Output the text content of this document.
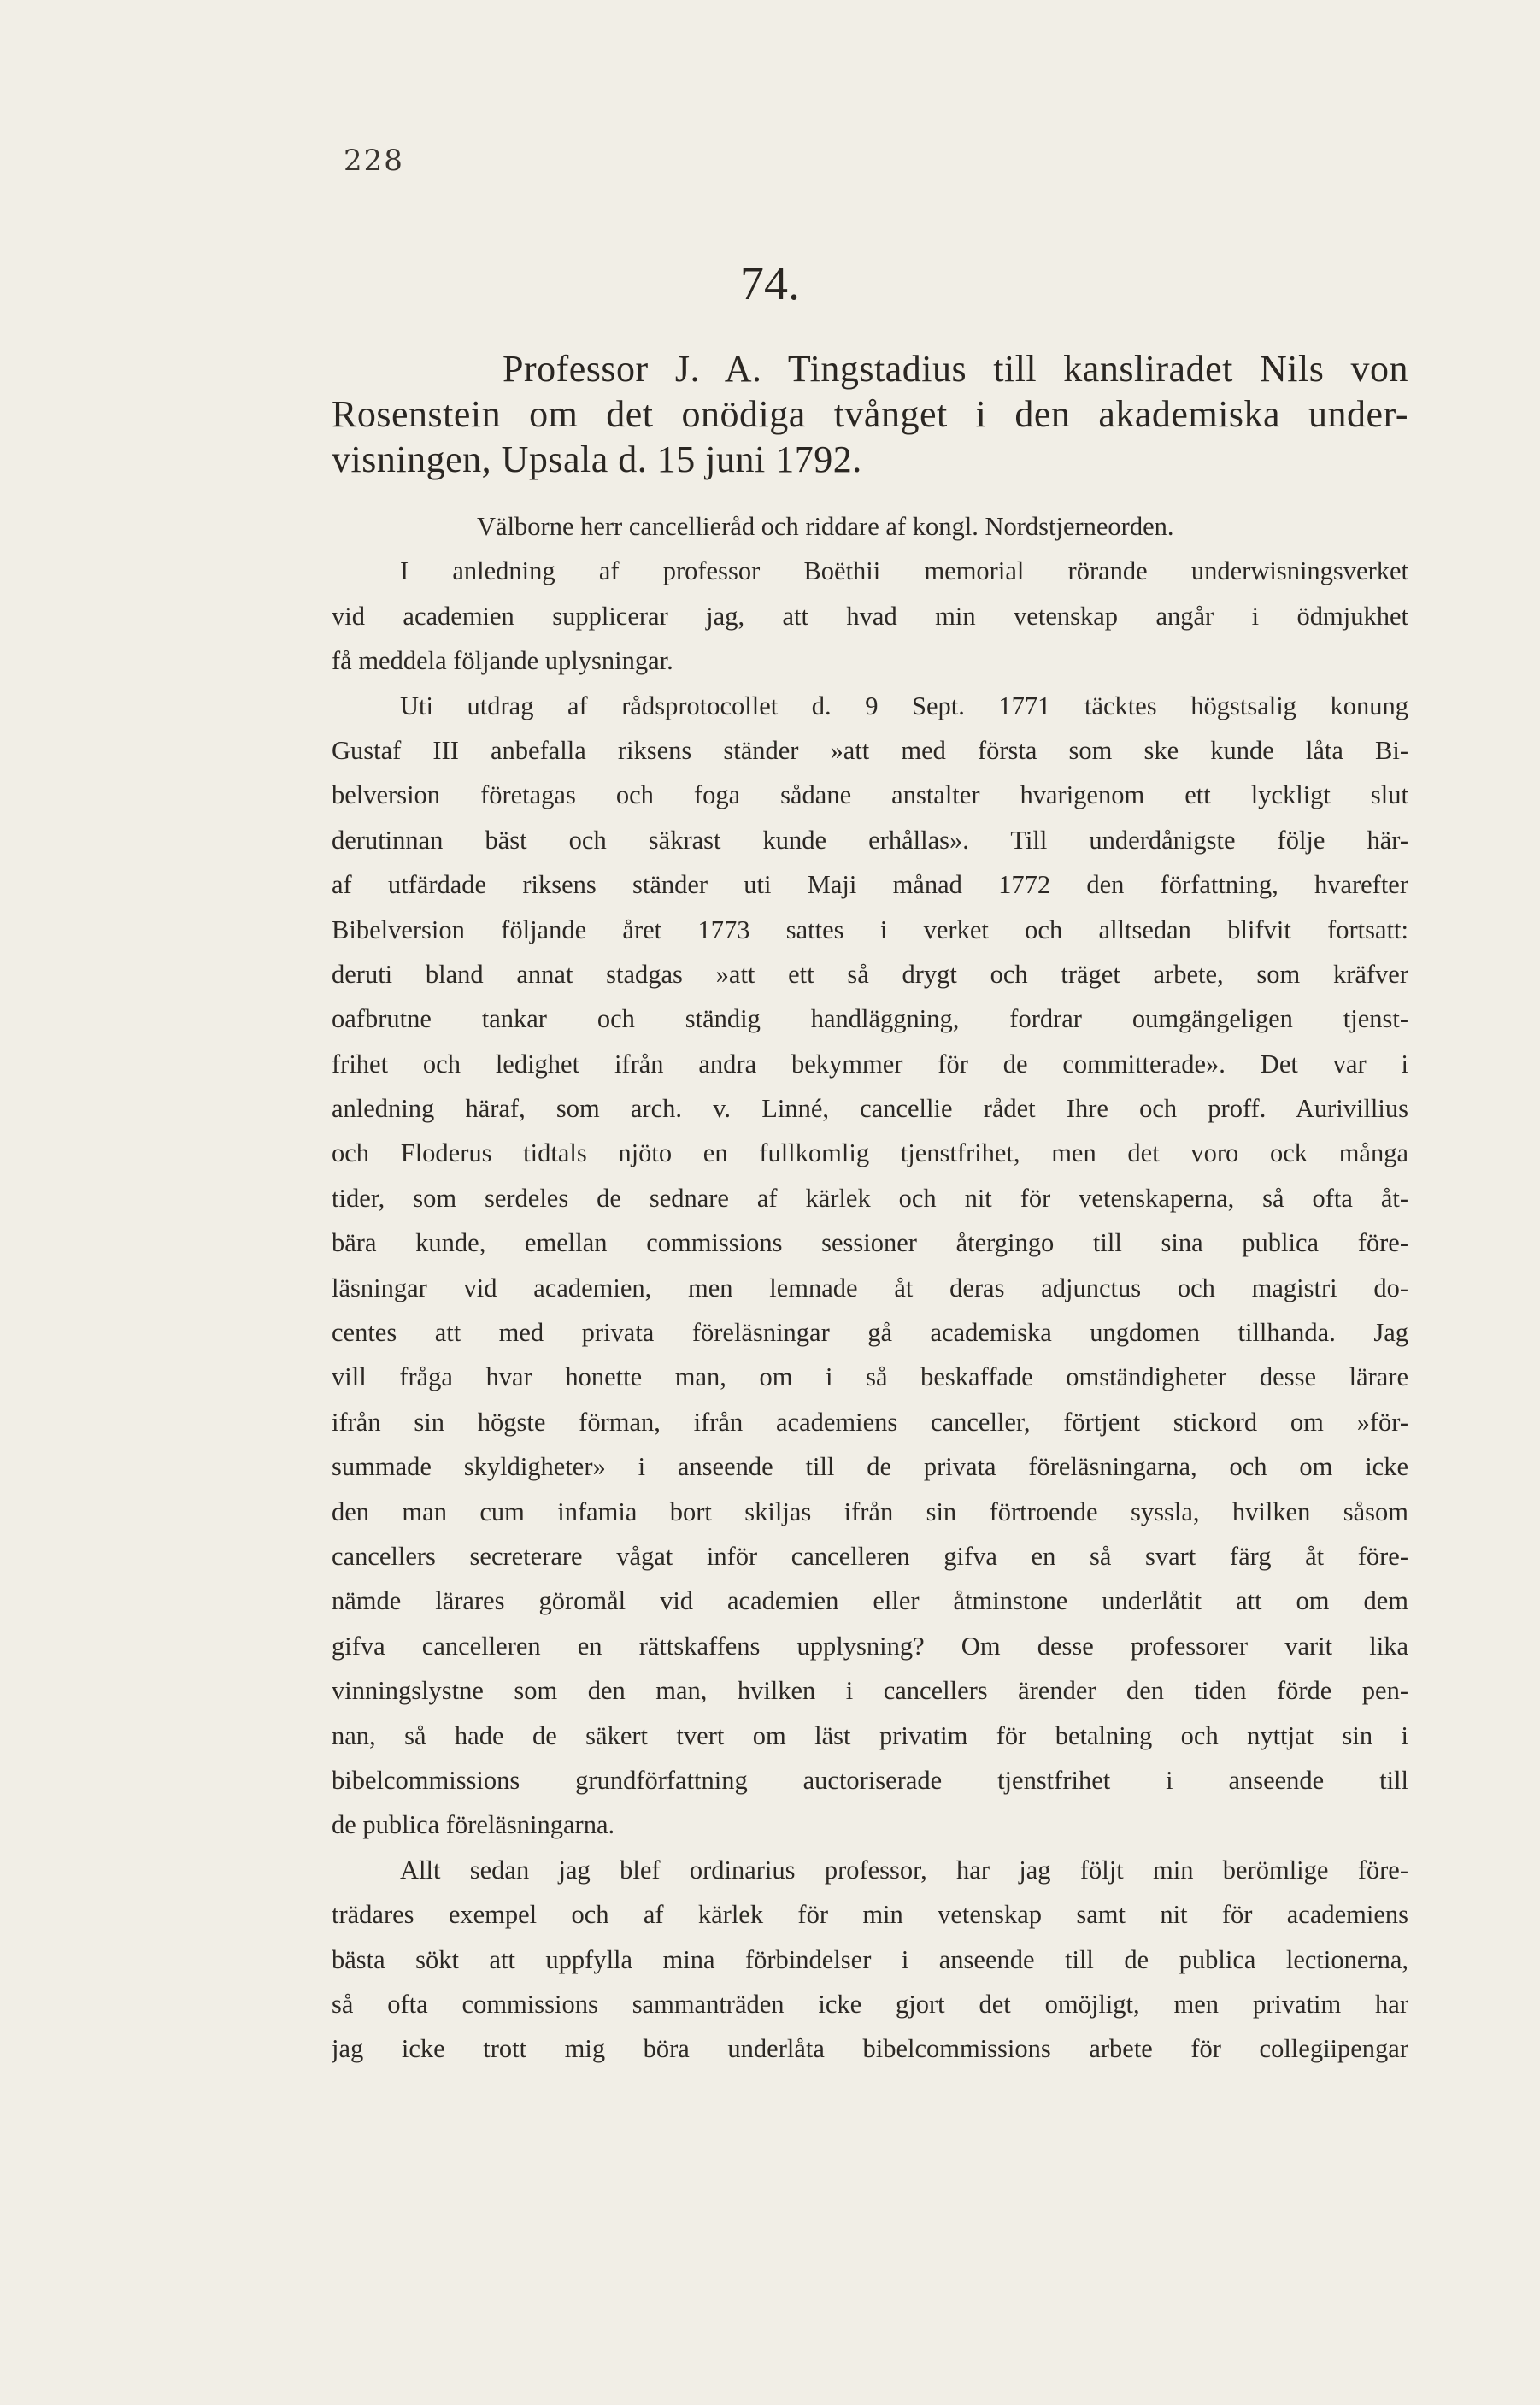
228
74.
Professor J. A. Tingstadius till kansliradet Nils von
Rosenstein om det onödiga tvånget i den akademiska under-
visningen, Upsala d. 15 juni 1792.
Välborne herr cancellieråd och riddare af kongl. Nordstjerneorden.
I anledning af professor Boëthii memorial rörande underwisningsverket
vid academien supplicerar jag, att hvad min vetenskap angår i ödmjukhet
få meddela följande uplysningar.
Uti utdrag af rådsprotocollet d. 9 Sept. 1771 täcktes högstsalig konung
Gustaf III anbefalla riksens ständer »att med första som ske kunde låta Bi-
belversion företagas och foga sådane anstalter hvarigenom ett lyckligt slut
derutinnan bäst och säkrast kunde erhållas». Till underdånigste följe här-
af utfärdade riksens ständer uti Maji månad 1772 den författning, hvarefter
Bibelversion följande året 1773 sattes i verket och alltsedan blifvit fortsatt:
deruti bland annat stadgas »att ett så drygt och träget arbete, som kräfver
oafbrutne tankar och ständig handläggning, fordrar oumgängeligen tjenst-
frihet och ledighet ifrån andra bekymmer för de committerade». Det var i
anledning häraf, som arch. v. Linné, cancellie rådet Ihre och proff. Aurivillius
och Floderus tidtals njöto en fullkomlig tjenstfrihet, men det voro ock många
tider, som serdeles de sednare af kärlek och nit för vetenskaperna, så ofta åt-
bära kunde, emellan commissions sessioner återgingo till sina publica före-
läsningar vid academien, men lemnade åt deras adjunctus och magistri do-
centes att med privata föreläsningar gå academiska ungdomen tillhanda. Jag
vill fråga hvar honette man, om i så beskaffade omständigheter desse lärare
ifrån sin högste förman, ifrån academiens canceller, förtjent stickord om »för-
summade skyldigheter» i anseende till de privata föreläsningarna, och om icke
den man cum infamia bort skiljas ifrån sin förtroende syssla, hvilken såsom
cancellers secreterare vågat inför cancelleren gifva en så svart färg åt före-
nämde lärares göromål vid academien eller åtminstone underlåtit att om dem
gifva cancelleren en rättskaffens upplysning? Om desse professorer varit lika
vinningslystne som den man, hvilken i cancellers ärender den tiden förde pen-
nan, så hade de säkert tvert om läst privatim för betalning och nyttjat sin i
bibelcommissions grundförfattning auctoriserade tjenstfrihet i anseende till
de publica föreläsningarna.
Allt sedan jag blef ordinarius professor, har jag följt min berömlige före-
trädares exempel och af kärlek för min vetenskap samt nit för academiens
bästa sökt att uppfylla mina förbindelser i anseende till de publica lectionerna,
så ofta commissions sammanträden icke gjort det omöjligt, men privatim har
jag icke trott mig böra underlåta bibelcommissions arbete för collegiipengar
